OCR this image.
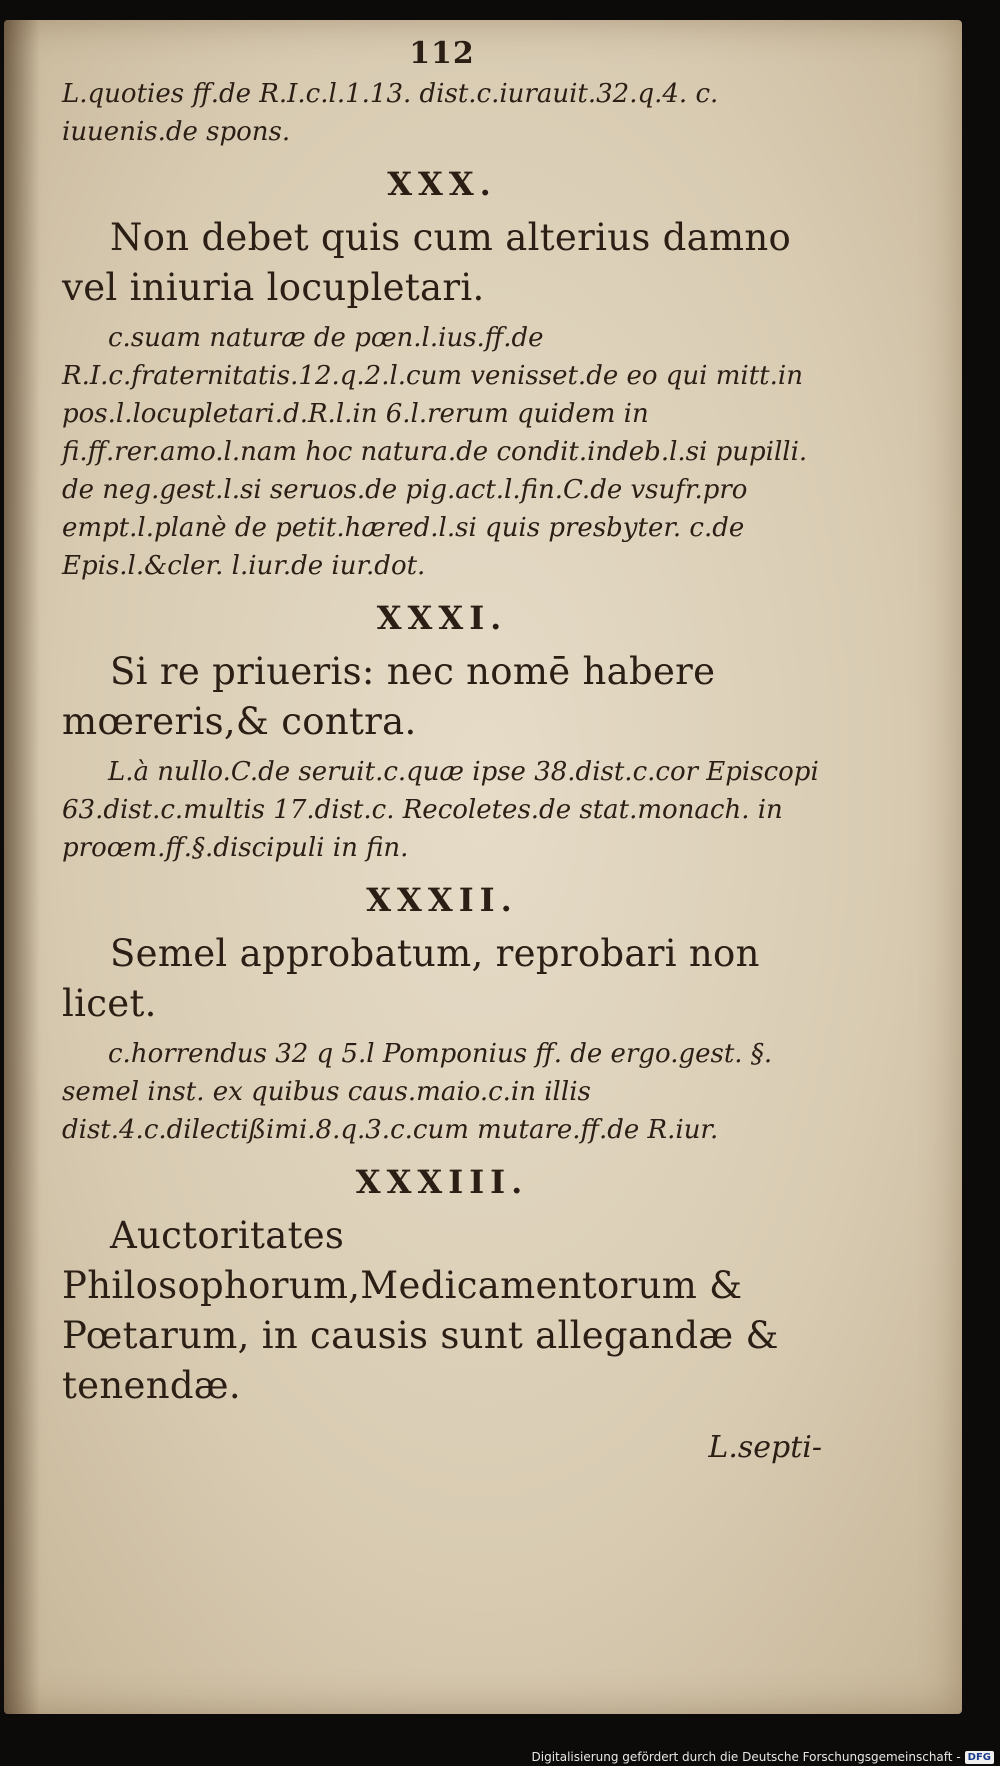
112

L.quoties ff.de R.I.c.l.1.13. dist.c.iurauit.32.q.4. c. iuuenis.de spons.

XXX.

Non debet quis cum alterius damno vel iniuria locupletari.

c.suam naturæ de pœn.l.ius.ff.de R.I.c.fraternitatis.12.q.2.l.cum venisset.de eo qui mitt.in pos.l.locupletari.d.R.l.in 6.l.rerum quidem in fi.ff.rer.amo.l.nam hoc natura.de condit.indeb.l.si pupilli. de neg.gest.l.si seruos.de pig.act.l.fin.C.de vsufr.pro empt.l.planè de petit.hæred.l.si quis presbyter. c.de Epis.l.&cler. l.iur.de iur.dot.

XXXI.

Si re priueris: nec nomē habere mœreris,& contra.

L.à nullo.C.de seruit.c.quæ ipse 38.dist.c.cor Episcopi 63.dist.c.multis 17.dist.c. Recoletes.de stat.monach. in proœm.ff.§.discipuli in fin.

XXXII.

Semel approbatum, reprobari non licet.

c.horrendus 32 q 5.l Pomponius ff. de ergo.gest. §. semel inst. ex quibus caus.maio.c.in illis dist.4.c.dilectißimi.8.q.3.c.cum mutare.ff.de R.iur.

XXXIII.

Auctoritates Philosophorum,Medicamentorum & Pœtarum, in causis sunt allegandæ & tenendæ.

L.septi-
Digitalisierung gefördert durch die Deutsche Forschungsgemeinschaft - DFG
